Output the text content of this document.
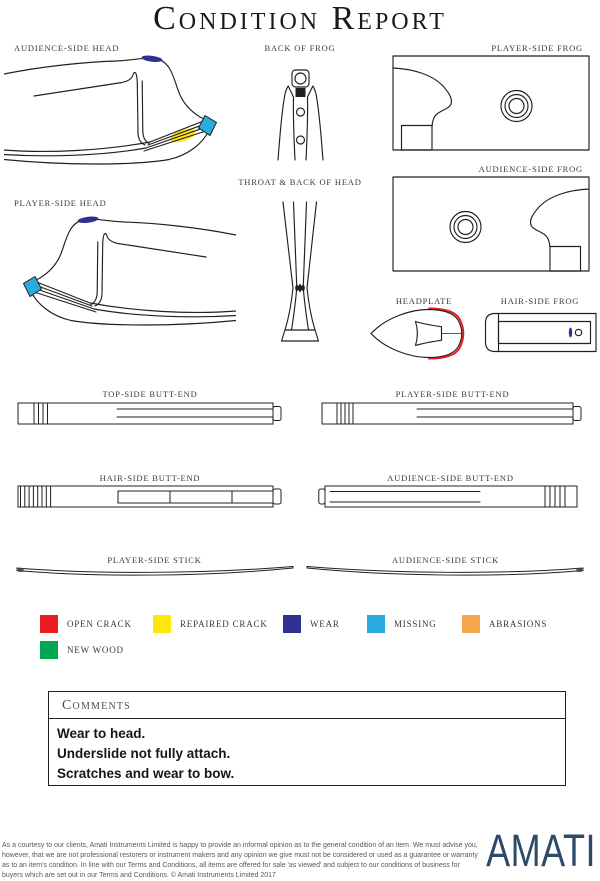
Condition Report
AUDIENCE-SIDE HEAD	BACK OF FROG	PLAYER-SIDE FROG
AUDIENCE-SIDE FROG
PLAYER-SIDE HEAD
THROAT & BACK OF HEAD
HEADPLATE	HAIR-SIDE FROG
TOP-SIDE BUTT-END	PLAYER-SIDE BUTT-END
HAIR-SIDE BUTT-END	AUDIENCE-SIDE BUTT-END
PLAYER-SIDE STICK	AUDIENCE-SIDE STICK
OPEN CRACK	REPAIRED CRACK	WEAR	MISSING	ABRASIONS
NEW WOOD
Comments
Wear to head.
Underslide not fully attach.
Scratches and wear to bow.
As a courtesy to our clients, Amati Instruments Limited is happy to provide an informal opinion as to the general condition of an item. We must advise you, however, that we are not professional restorers or instrument makers and any opinion we give must not be considered or used as a guarantee or warranty as to an item's condition. In line with our Terms and Conditions, all items are offered for sale 'as viewed' and subject to our conditions of business for buyers which are set out in our Terms and Conditions. © Amati Instruments Limited 2017	AMATI
